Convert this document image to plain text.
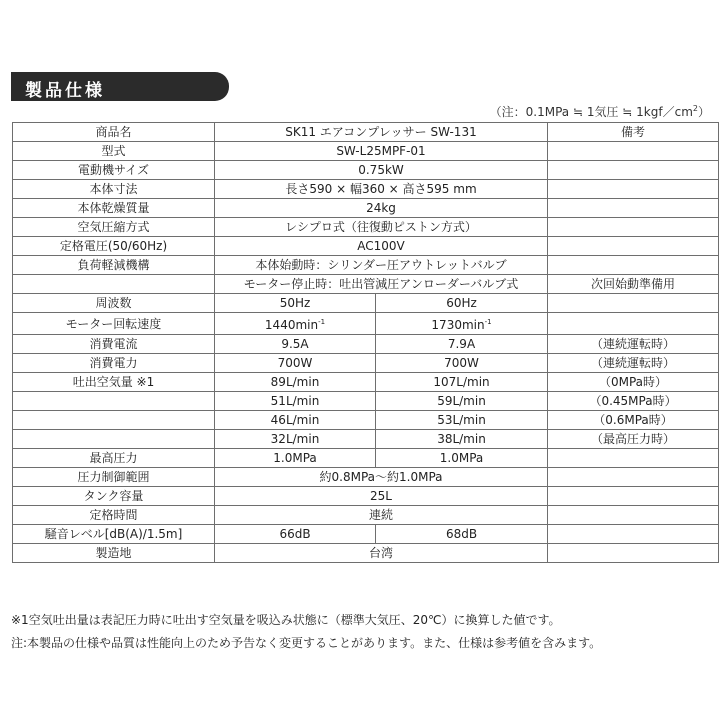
製品仕様
（注：0.1MPa ≒ 1気圧 ≒ $1kgf/cm^2$）
商品名	SK11 エアコンプレッサー SW-131		備考
型式	SW-L25MPF-01		
電動機サイズ	0.75kW		
本体寸法	長さ590 × 幅360 × 高さ595 mm		
本体乾燥質量	24kg		
空気圧縮方式	レシプロ式（往復動ピストン方式）		
定格電圧(50/60Hz)	AC100V		
負荷軽減機構	本体始動時：シリンダー圧アウトレットバルブ		
	モーター停止時：吐出管減圧アンローダーバルブ式		次回始動準備用
周波数	50Hz	60Hz	
モーター回転速度	$1440\min^{-1}$	$1730\min^{-1}$	
消費電流	9.5A	7.9A	（連続運転時）
消費電力	700W	700W	（連続運転時）
吐出空気量 ※1	89L/min	107L/min	（0MPa時）
	51L/min	59L/min	（0.45MPa時）
	46L/min	53L/min	（0.6MPa時）
	32L/min	38L/min	（最高圧力時）
最高圧力	1.0MPa	1.0MPa	
圧力制御範囲	約0.8MPa〜約1.0MPa		
タンク容量	25L		
定格時間	連続		
騒音レベル[dB(A)/1.5m]	66dB	68dB	
製造地	台湾		
※1空気吐出量は表記圧力時に吐出す空気量を吸込み状態に（標準大気圧、20℃）に換算した値です。
注:本製品の仕様や品質は性能向上のため予告なく変更することがあります。また、仕様は参考値を含みます。
